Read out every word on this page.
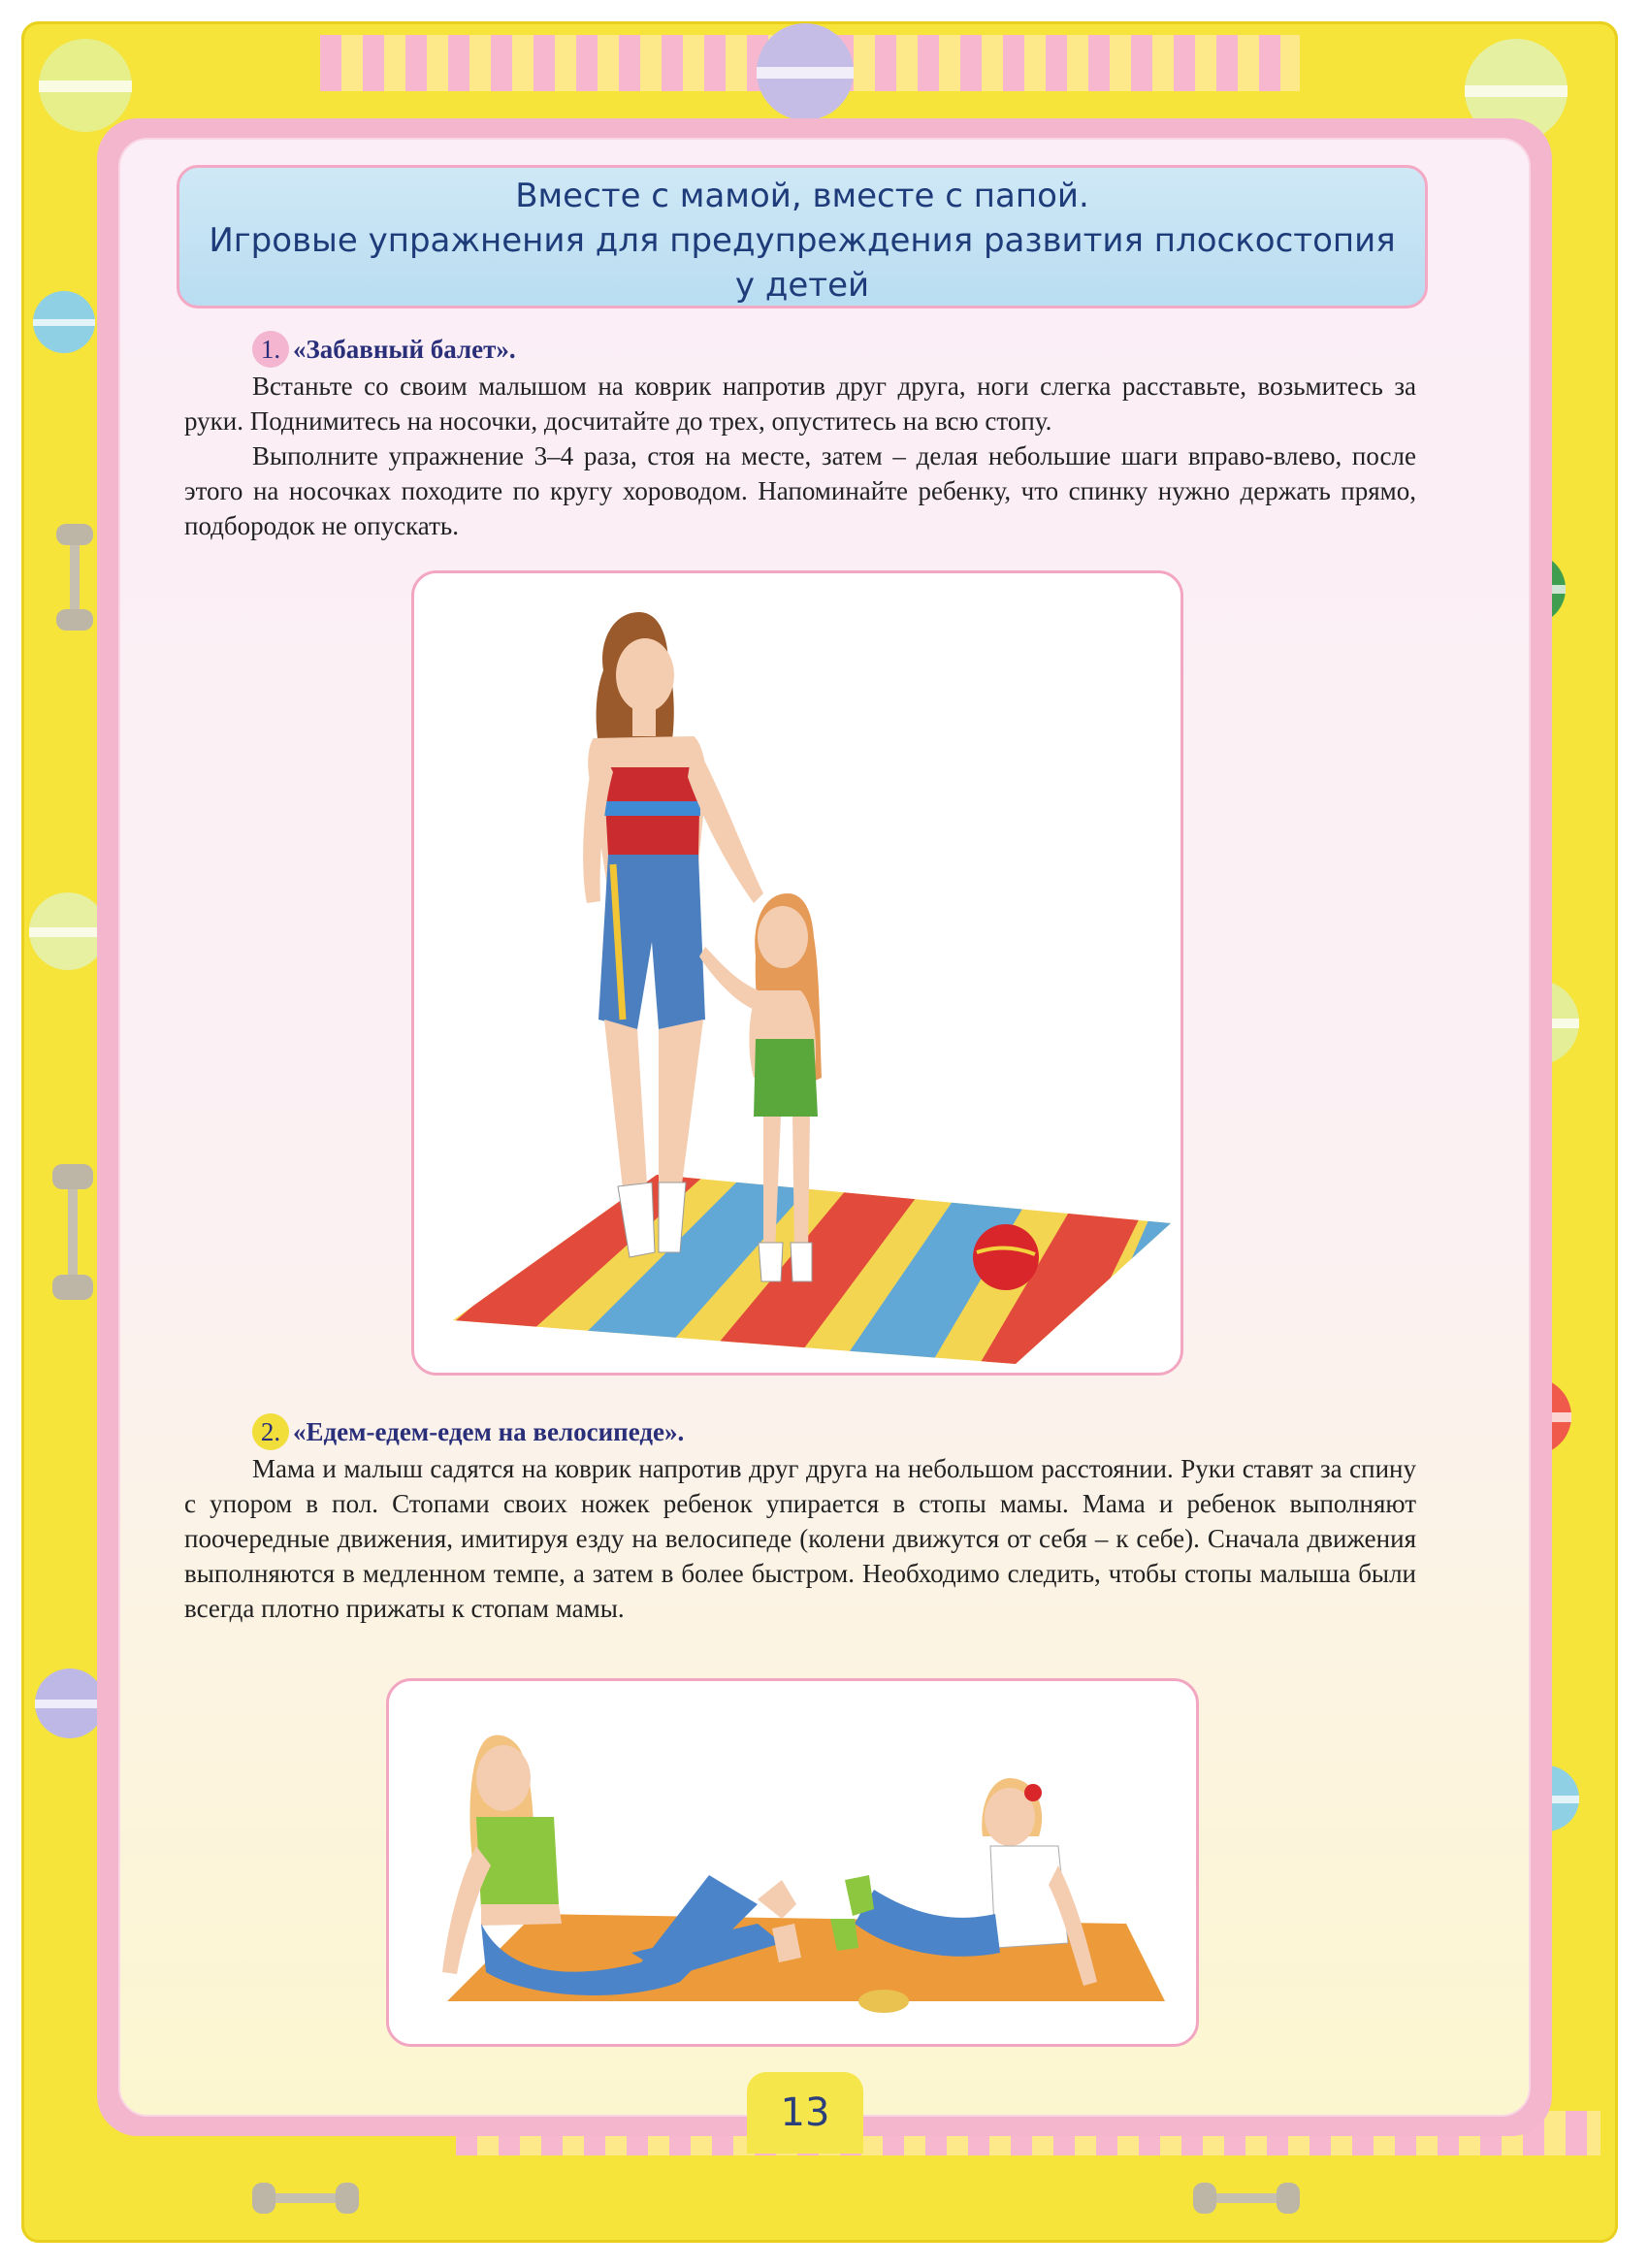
Вместе с мамой, вместе с папой.
Игровые упражнения для предупреждения развития плоскостопия
у детей
1. «Забавный балет».

Встаньте со своим малышом на коврик напротив друг друга, ноги слегка расставьте, возьмитесь за руки. Поднимитесь на носочки, досчитайте до трех, опуститесь на всю стопу.

Выполните упражнение 3–4 раза, стоя на месте, затем – делая небольшие шаги вправо-влево, после этого на носочках походите по кругу хороводом. Напоминайте ребенку, что спинку нужно держать прямо, подбородок не опускать.

2. «Едем-едем-едем на велосипеде».

Мама и малыш садятся на коврик напротив друг друга на небольшом расстоянии. Руки ставят за спину с упором в пол. Стопами своих ножек ребенок упирается в стопы мамы. Мама и ребенок выполняют поочередные движения, имитируя езду на велосипеде (колени движутся от себя – к себе). Сначала движения выполняются в медленном темпе, а затем в более быстром. Необходимо следить, чтобы стопы малыша были всегда плотно прижаты к стопам мамы.

13
